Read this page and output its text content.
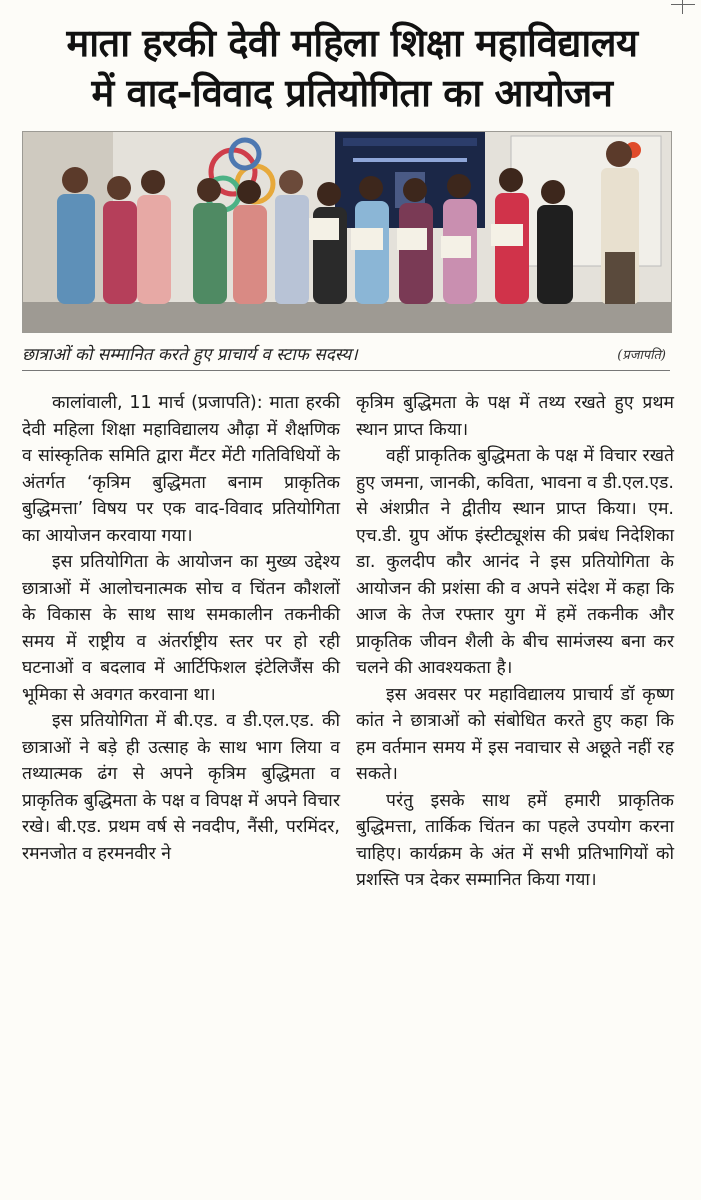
माता हरकी देवी महिला शिक्षा महाविद्यालय
में वाद-विवाद प्रतियोगिता का आयोजन
छात्राओं को सम्मानित करते हुए प्राचार्य व स्टाफ सदस्य।	(प्रजापति)

कालांवाली, 11 मार्च (प्रजापति): माता हरकी देवी महिला शिक्षा महाविद्यालय औढ़ा में शैक्षणिक व सांस्कृतिक समिति द्वारा मैंटर मेंटी गतिविधियों के अंतर्गत ‘कृत्रिम बुद्धिमता बनाम प्राकृतिक बुद्धिमत्ता’ विषय पर एक वाद-विवाद प्रतियोगिता का आयोजन करवाया गया।

इस प्रतियोगिता के आयोजन का मुख्य उद्देश्य छात्राओं में आलोचनात्मक सोच व चिंतन कौशलों के विकास के साथ साथ समकालीन तकनीकी समय में राष्ट्रीय व अंतर्राष्ट्रीय स्तर पर हो रही घटनाओं व बदलाव में आर्टिफिशल इंटेलिजैंस की भूमिका से अवगत करवाना था।

इस प्रतियोगिता में बी.एड. व डी.एल.एड. की छात्राओं ने बड़े ही उत्साह के साथ भाग लिया व तथ्यात्मक ढंग से अपने कृत्रिम बुद्धिमता व प्राकृतिक बुद्धिमता के पक्ष व विपक्ष में अपने विचार रखे। बी.एड. प्रथम वर्ष से नवदीप, नैंसी, परमिंदर, रमनजोत व हरमनवीर ने

कृत्रिम बुद्धिमता के पक्ष में तथ्य रखते हुए प्रथम स्थान प्राप्त किया।

वहीं प्राकृतिक बुद्धिमता के पक्ष में विचार रखते हुए जमना, जानकी, कविता, भावना व डी.एल.एड. से अंशप्रीत ने द्वीतीय स्थान प्राप्त किया। एम. एच.डी. ग्रुप ऑफ इंस्टीट्यूशंस की प्रबंध निदेशिका डा. कुलदीप कौर आनंद ने इस प्रतियोगिता के आयोजन की प्रशंसा की व अपने संदेश में कहा कि आज के तेज रफ्तार युग में हमें तकनीक और प्राकृतिक जीवन शैली के बीच सामंजस्य बना कर चलने की आवश्यकता है।

इस अवसर पर महाविद्यालय प्राचार्य डॉ कृष्ण कांत ने छात्राओं को संबोधित करते हुए कहा कि हम वर्तमान समय में इस नवाचार से अछूते नहीं रह सकते।

परंतु इसके साथ हमें हमारी प्राकृतिक बुद्धिमत्ता, तार्किक चिंतन का पहले उपयोग करना चाहिए। कार्यक्रम के अंत में सभी प्रतिभागियों को प्रशस्ति पत्र देकर सम्मानित किया गया।
